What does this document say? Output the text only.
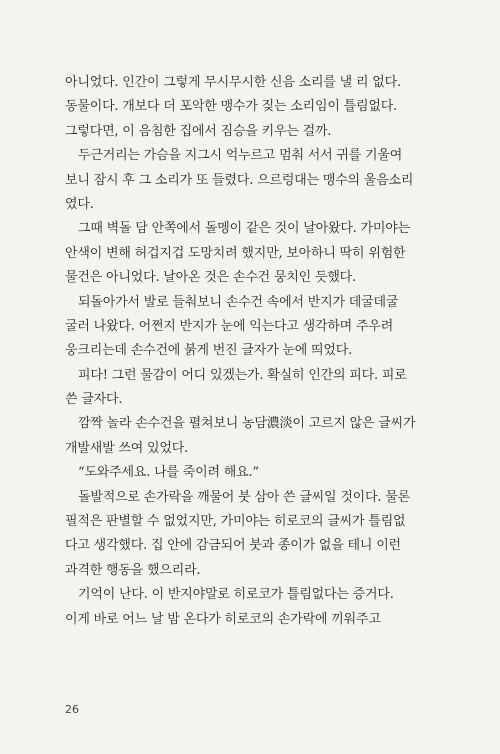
아니었다. 인간이 그렇게 무시무시한 신음 소리를 낼 리 없다.
동물이다. 개보다 더 포악한 맹수가 짖는 소리임이 틀림없다.
그렇다면, 이 음침한 집에서 짐승을 키우는 걸까.
두근거리는 가슴을 지그시 억누르고 멈춰 서서 귀를 기울여
보니 잠시 후 그 소리가 또 들렸다. 으르렁대는 맹수의 울음소리
였다.
그때 벽돌 담 안쪽에서 돌멩이 같은 것이 날아왔다. 가미야는
안색이 변해 허겁지겁 도망치려 했지만, 보아하니 딱히 위험한
물건은 아니었다. 날아온 것은 손수건 뭉치인 듯했다.
되돌아가서 발로 들춰보니 손수건 속에서 반지가 데굴데굴
굴러 나왔다. 어쩐지 반지가 눈에 익는다고 생각하며 주우려
웅크리는데 손수건에 붉게 번진 글자가 눈에 띄었다.
피다! 그런 물감이 어디 있겠는가. 확실히 인간의 피다. 피로
쓴 글자다.
깜짝 놀라 손수건을 펼쳐보니 농담濃淡이 고르지 않은 글씨가
개발새발 쓰여 있었다.
“도와주세요. 나를 죽이려 해요.”
돌발적으로 손가락을 깨물어 붓 삼아 쓴 글씨일 것이다. 물론
필적은 판별할 수 없었지만, 가미야는 히로코의 글씨가 틀림없
다고 생각했다. 집 안에 감금되어 붓과 종이가 없을 테니 이런
과격한 행동을 했으리라.
기억이 난다. 이 반지야말로 히로코가 틀림없다는 증거다.
이게 바로 어느 날 밤 온다가 히로코의 손가락에 끼워주고
26
